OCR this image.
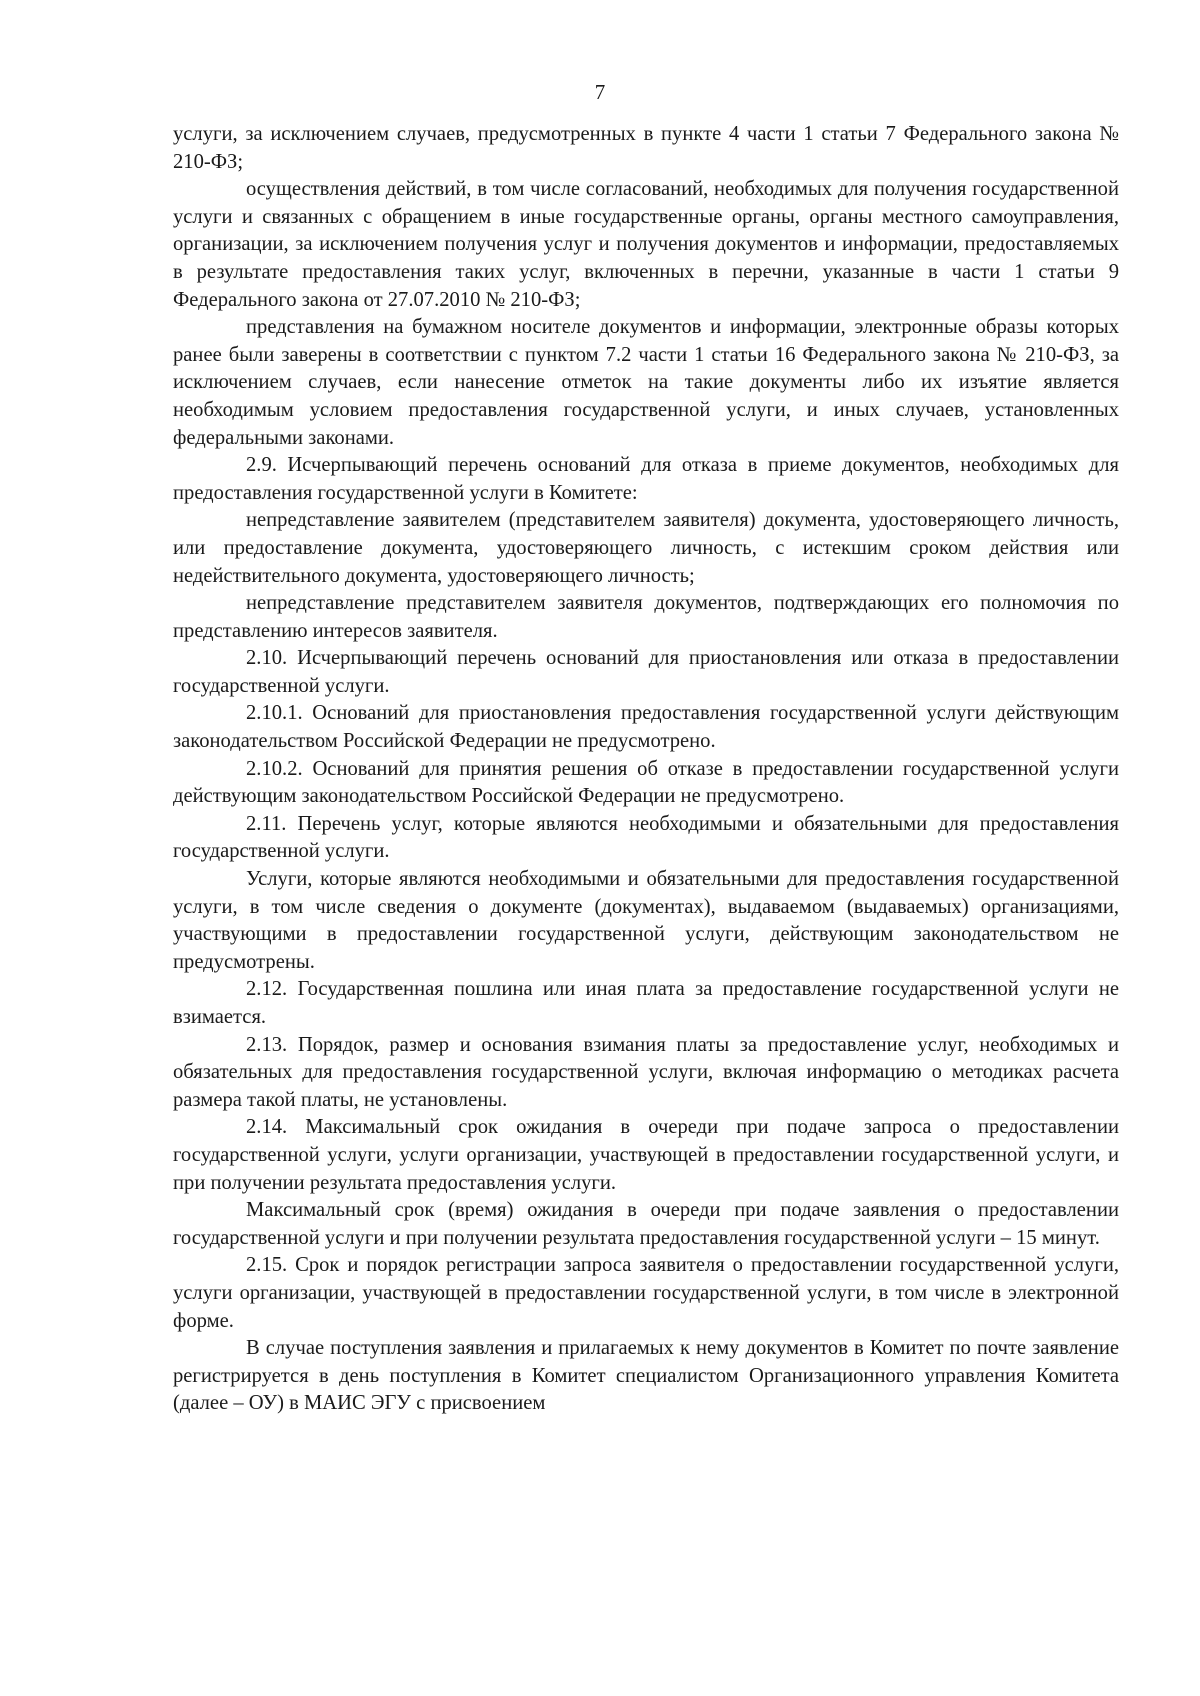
7

услуги, за исключением случаев, предусмотренных в пункте 4 части 1 статьи 7 Федерального закона № 210-ФЗ;

осуществления действий, в том числе согласований, необходимых для получения государственной услуги и связанных с обращением в иные государственные органы, органы местного самоуправления, организации, за исключением получения услуг и получения документов и информации, предоставляемых в результате предоставления таких услуг, включенных в перечни, указанные в части 1 статьи 9 Федерального закона от 27.07.2010 № 210-ФЗ;

представления на бумажном носителе документов и информации, электронные образы которых ранее были заверены в соответствии с пунктом 7.2 части 1 статьи 16 Федерального закона № 210-ФЗ, за исключением случаев, если нанесение отметок на такие документы либо их изъятие является необходимым условием предоставления государственной услуги, и иных случаев, установленных федеральными законами.

2.9. Исчерпывающий перечень оснований для отказа в приеме документов, необходимых для предоставления государственной услуги в Комитете:

непредставление заявителем (представителем заявителя) документа, удостоверяющего личность, или предоставление документа, удостоверяющего личность, с истекшим сроком действия или недействительного документа, удостоверяющего личность;

непредставление представителем заявителя документов, подтверждающих его полномочия по представлению интересов заявителя.

2.10. Исчерпывающий перечень оснований для приостановления или отказа в предоставлении государственной услуги.

2.10.1. Оснований для приостановления предоставления государственной услуги действующим законодательством Российской Федерации не предусмотрено.

2.10.2. Оснований для принятия решения об отказе в предоставлении государственной услуги действующим законодательством Российской Федерации не предусмотрено.

2.11. Перечень услуг, которые являются необходимыми и обязательными для предоставления государственной услуги.

Услуги, которые являются необходимыми и обязательными для предоставления государственной услуги, в том числе сведения о документе (документах), выдаваемом (выдаваемых) организациями, участвующими в предоставлении государственной услуги, действующим законодательством не предусмотрены.

2.12. Государственная пошлина или иная плата за предоставление государственной услуги не взимается.

2.13. Порядок, размер и основания взимания платы за предоставление услуг, необходимых и обязательных для предоставления государственной услуги, включая информацию о методиках расчета размера такой платы, не установлены.

2.14. Максимальный срок ожидания в очереди при подаче запроса о предоставлении государственной услуги, услуги организации, участвующей в предоставлении государственной услуги, и при получении результата предоставления услуги.

Максимальный срок (время) ожидания в очереди при подаче заявления о предоставлении государственной услуги и при получении результата предоставления государственной услуги – 15 минут.

2.15. Срок и порядок регистрации запроса заявителя о предоставлении государственной услуги, услуги организации, участвующей в предоставлении государственной услуги, в том числе в электронной форме.

В случае поступления заявления и прилагаемых к нему документов в Комитет по почте заявление регистрируется в день поступления в Комитет специалистом Организационного управления Комитета (далее – ОУ) в МАИС ЭГУ с присвоением
